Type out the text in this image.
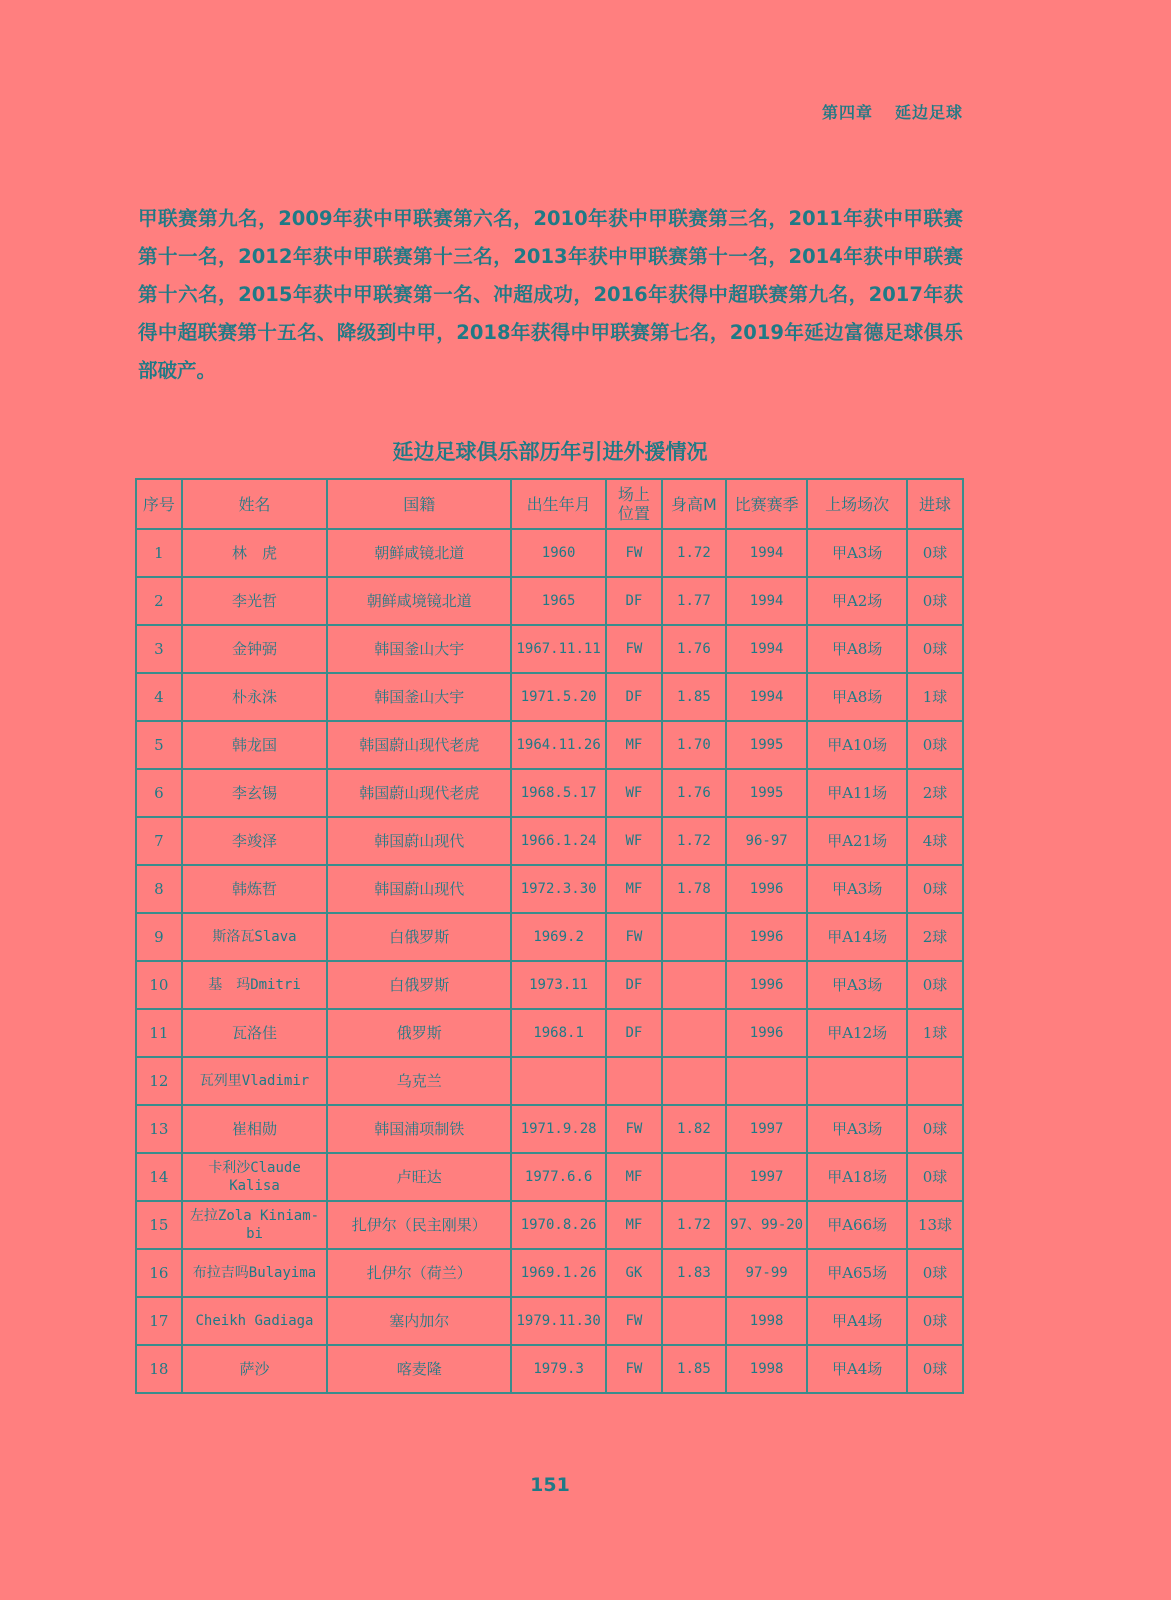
第四章 延边足球
甲联赛第九名，2009年获中甲联赛第六名，2010年获中甲联赛第三名，2011年获中甲联赛第十一名，2012年获中甲联赛第十三名，2013年获中甲联赛第十一名，2014年获中甲联赛第十六名，2015年获中甲联赛第一名、冲超成功，2016年获得中超联赛第九名，2017年获得中超联赛第十五名、降级到中甲，2018年获得中甲联赛第七名，2019年延边富德足球俱乐部破产。
延边足球俱乐部历年引进外援情况
序号	姓名	国籍	出生年月	场上位置	身高M	比赛赛季	上场场次	进球
1	林　虎	朝鲜咸镜北道	1960	FW	1.72	1994	甲A3场	0球
2	李光哲	朝鲜咸境镜北道	1965	DF	1.77	1994	甲A2场	0球
3	金钟弼	韩国釜山大宇	1967.11.11	FW	1.76	1994	甲A8场	0球
4	朴永洙	韩国釜山大宇	1971.5.20	DF	1.85	1994	甲A8场	1球
5	韩龙国	韩国蔚山现代老虎	1964.11.26	MF	1.70	1995	甲A10场	0球
6	李玄锡	韩国蔚山现代老虎	1968.5.17	WF	1.76	1995	甲A11场	2球
7	李竣泽	韩国蔚山现代	1966.1.24	WF	1.72	96-97	甲A21场	4球
8	韩炼哲	韩国蔚山现代	1972.3.30	MF	1.78	1996	甲A3场	0球
9	斯洛瓦Slava	白俄罗斯	1969.2	FW		1996	甲A14场	2球
10	基　玛Dmitri	白俄罗斯	1973.11	DF		1996	甲A3场	0球
11	瓦洛佳	俄罗斯	1968.1	DF		1996	甲A12场	1球
12	瓦列里Vladimir	乌克兰						
13	崔相勋	韩国浦项制铁	1971.9.28	FW	1.82	1997	甲A3场	0球
14	卡利沙Claude Kalisa	卢旺达	1977.6.6	MF		1997	甲A18场	0球
15	左拉Zola Kiniam-bi	扎伊尔（民主刚果）	1970.8.26	MF	1.72	97、99-20	甲A66场	13球
16	布拉吉吗Bulayima	扎伊尔（荷兰）	1969.1.26	GK	1.83	97-99	甲A65场	0球
17	Cheikh Gadiaga	塞内加尔	1979.11.30	FW		1998	甲A4场	0球
18	萨沙	喀麦隆	1979.3	FW	1.85	1998	甲A4场	0球
151
